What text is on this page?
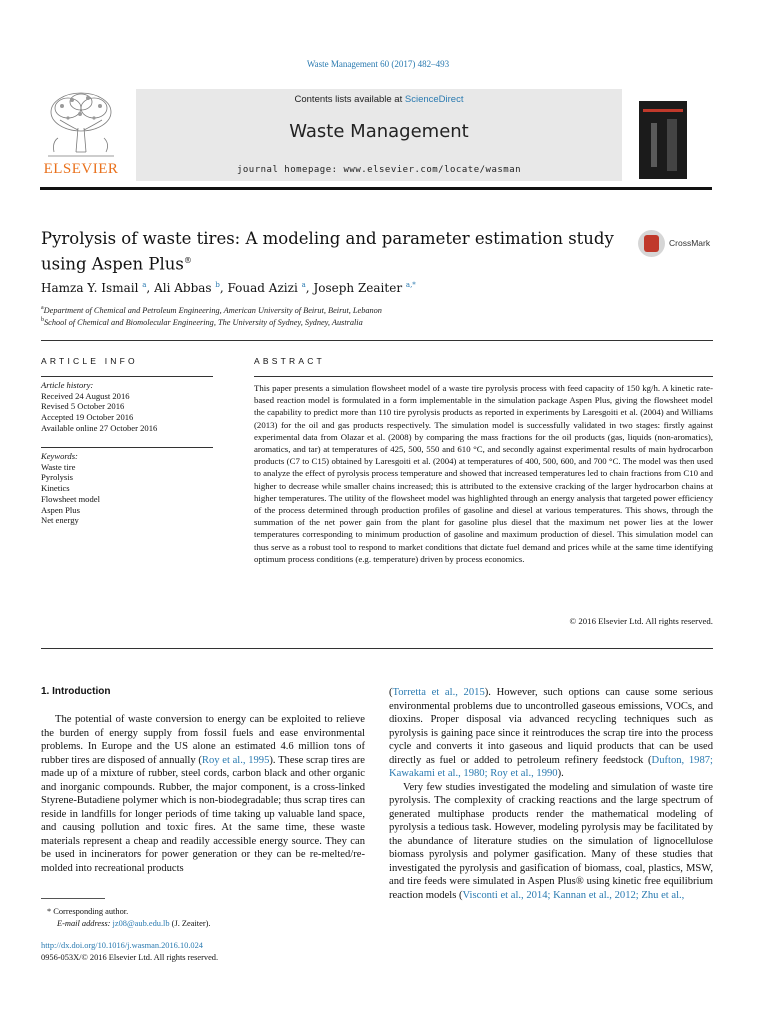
Waste Management 60 (2017) 482–493
ELSEVIER
Contents lists available at ScienceDirect
Waste Management
journal homepage: www.elsevier.com/locate/wasman
Pyrolysis of waste tires: A modeling and parameter estimation study
using Aspen Plus®
CrossMark
Hamza Y. Ismail $^a$, Ali Abbas $^b$, Fouad Azizi $^a$, Joseph Zeaiter $^{a,*}$
$^a$Department of Chemical and Petroleum Engineering, American University of Beirut, Beirut, Lebanon
$^b$School of Chemical and Biomolecular Engineering, The University of Sydney, Sydney, Australia
ARTICLE INFO
Article history:
Received 24 August 2016
Revised 5 October 2016
Accepted 19 October 2016
Available online 27 October 2016
Keywords:
Waste tire
Pyrolysis
Kinetics
Flowsheet model
Aspen Plus
Net energy
ABSTRACT
This paper presents a simulation flowsheet model of a waste tire pyrolysis process with feed capacity of 150 kg/h. A kinetic rate-based reaction model is formulated in a form implementable in the simulation package Aspen Plus, giving the flowsheet model the capability to predict more than 110 tire pyrolysis products as reported in experiments by Laresgoiti et al. (2004) and Williams (2013) for the oil and gas products respectively. The simulation model is successfully validated in two stages: firstly against experimental data from Olazar et al. (2008) by comparing the mass fractions for the oil products (gas, liquids (non-aromatics), aromatics, and tar) at temperatures of 425, 500, 550 and 610 °C, and secondly against experimental results of main hydrocarbon products (C7 to C15) obtained by Laresgoiti et al. (2004) at temperatures of 400, 500, 600, and 700 °C. The model was then used to analyze the effect of pyrolysis process temperature and showed that increased temperatures led to chain fractions from C10 and higher to decrease while smaller chains increased; this is attributed to the extensive cracking of the larger hydrocarbon chains at higher temperatures. The utility of the flowsheet model was highlighted through an energy analysis that targeted power efficiency of the process determined through production profiles of gasoline and diesel at various temperatures. This shows, through the summation of the net power gain from the plant for gasoline plus diesel that the maximum net power lies at the lower temperatures corresponding to minimum production of gasoline and maximum production of diesel. This simulation model can thus serve as a robust tool to respond to market conditions that dictate fuel demand and prices while at the same time identifying optimum process conditions (e.g. temperature) driven by process economics.
© 2016 Elsevier Ltd. All rights reserved.
1. Introduction

The potential of waste conversion to energy can be exploited to relieve the burden of energy supply from fossil fuels and ease environmental problems. In Europe and the US alone an estimated 4.6 million tons of rubber tires are disposed of annually (Roy et al., 1995). These scrap tires are made up of a mixture of rubber, steel cords, carbon black and other organic and inorganic compounds. Rubber, the major component, is a cross-linked Styrene-Butadiene polymer which is non-biodegradable; thus scrap tires can reside in landfills for longer periods of time taking up valuable land space, and causing pollution and toxic fires. At the same time, these waste materials represent a cheap and readily accessible energy source. They can be used in incinerators for power generation or they can be re-melted/re-molded into recreational products

(Torretta et al., 2015). However, such options can cause some serious environmental problems due to uncontrolled gaseous emissions, VOCs, and dioxins. Proper disposal via advanced recycling techniques such as pyrolysis is gaining pace since it reintroduces the scrap tire into the process cycle and converts it into gaseous and liquid products that can be used directly as fuel or added to petroleum refinery feedstock (Dufton, 1987; Kawakami et al., 1980; Roy et al., 1990).

Very few studies investigated the modeling and simulation of waste tire pyrolysis. The complexity of cracking reactions and the large spectrum of generated multiphase products render the mathematical modeling of pyrolysis a tedious task. However, modeling pyrolysis may be facilitated by the abundance of literature studies on the simulation of lignocellulose biomass pyrolysis and polymer gasification. Many of these studies that investigated the pyrolysis and gasification of biomass, coal, plastics, MSW, and tire feeds were simulated in Aspen Plus® using kinetic free equilibrium reaction models (Visconti et al., 2014; Kannan et al., 2012; Zhu et al.,

* Corresponding author.
E-mail address: jz08@aub.edu.lb (J. Zeaiter).
http://dx.doi.org/10.1016/j.wasman.2016.10.024
0956-053X/© 2016 Elsevier Ltd. All rights reserved.
